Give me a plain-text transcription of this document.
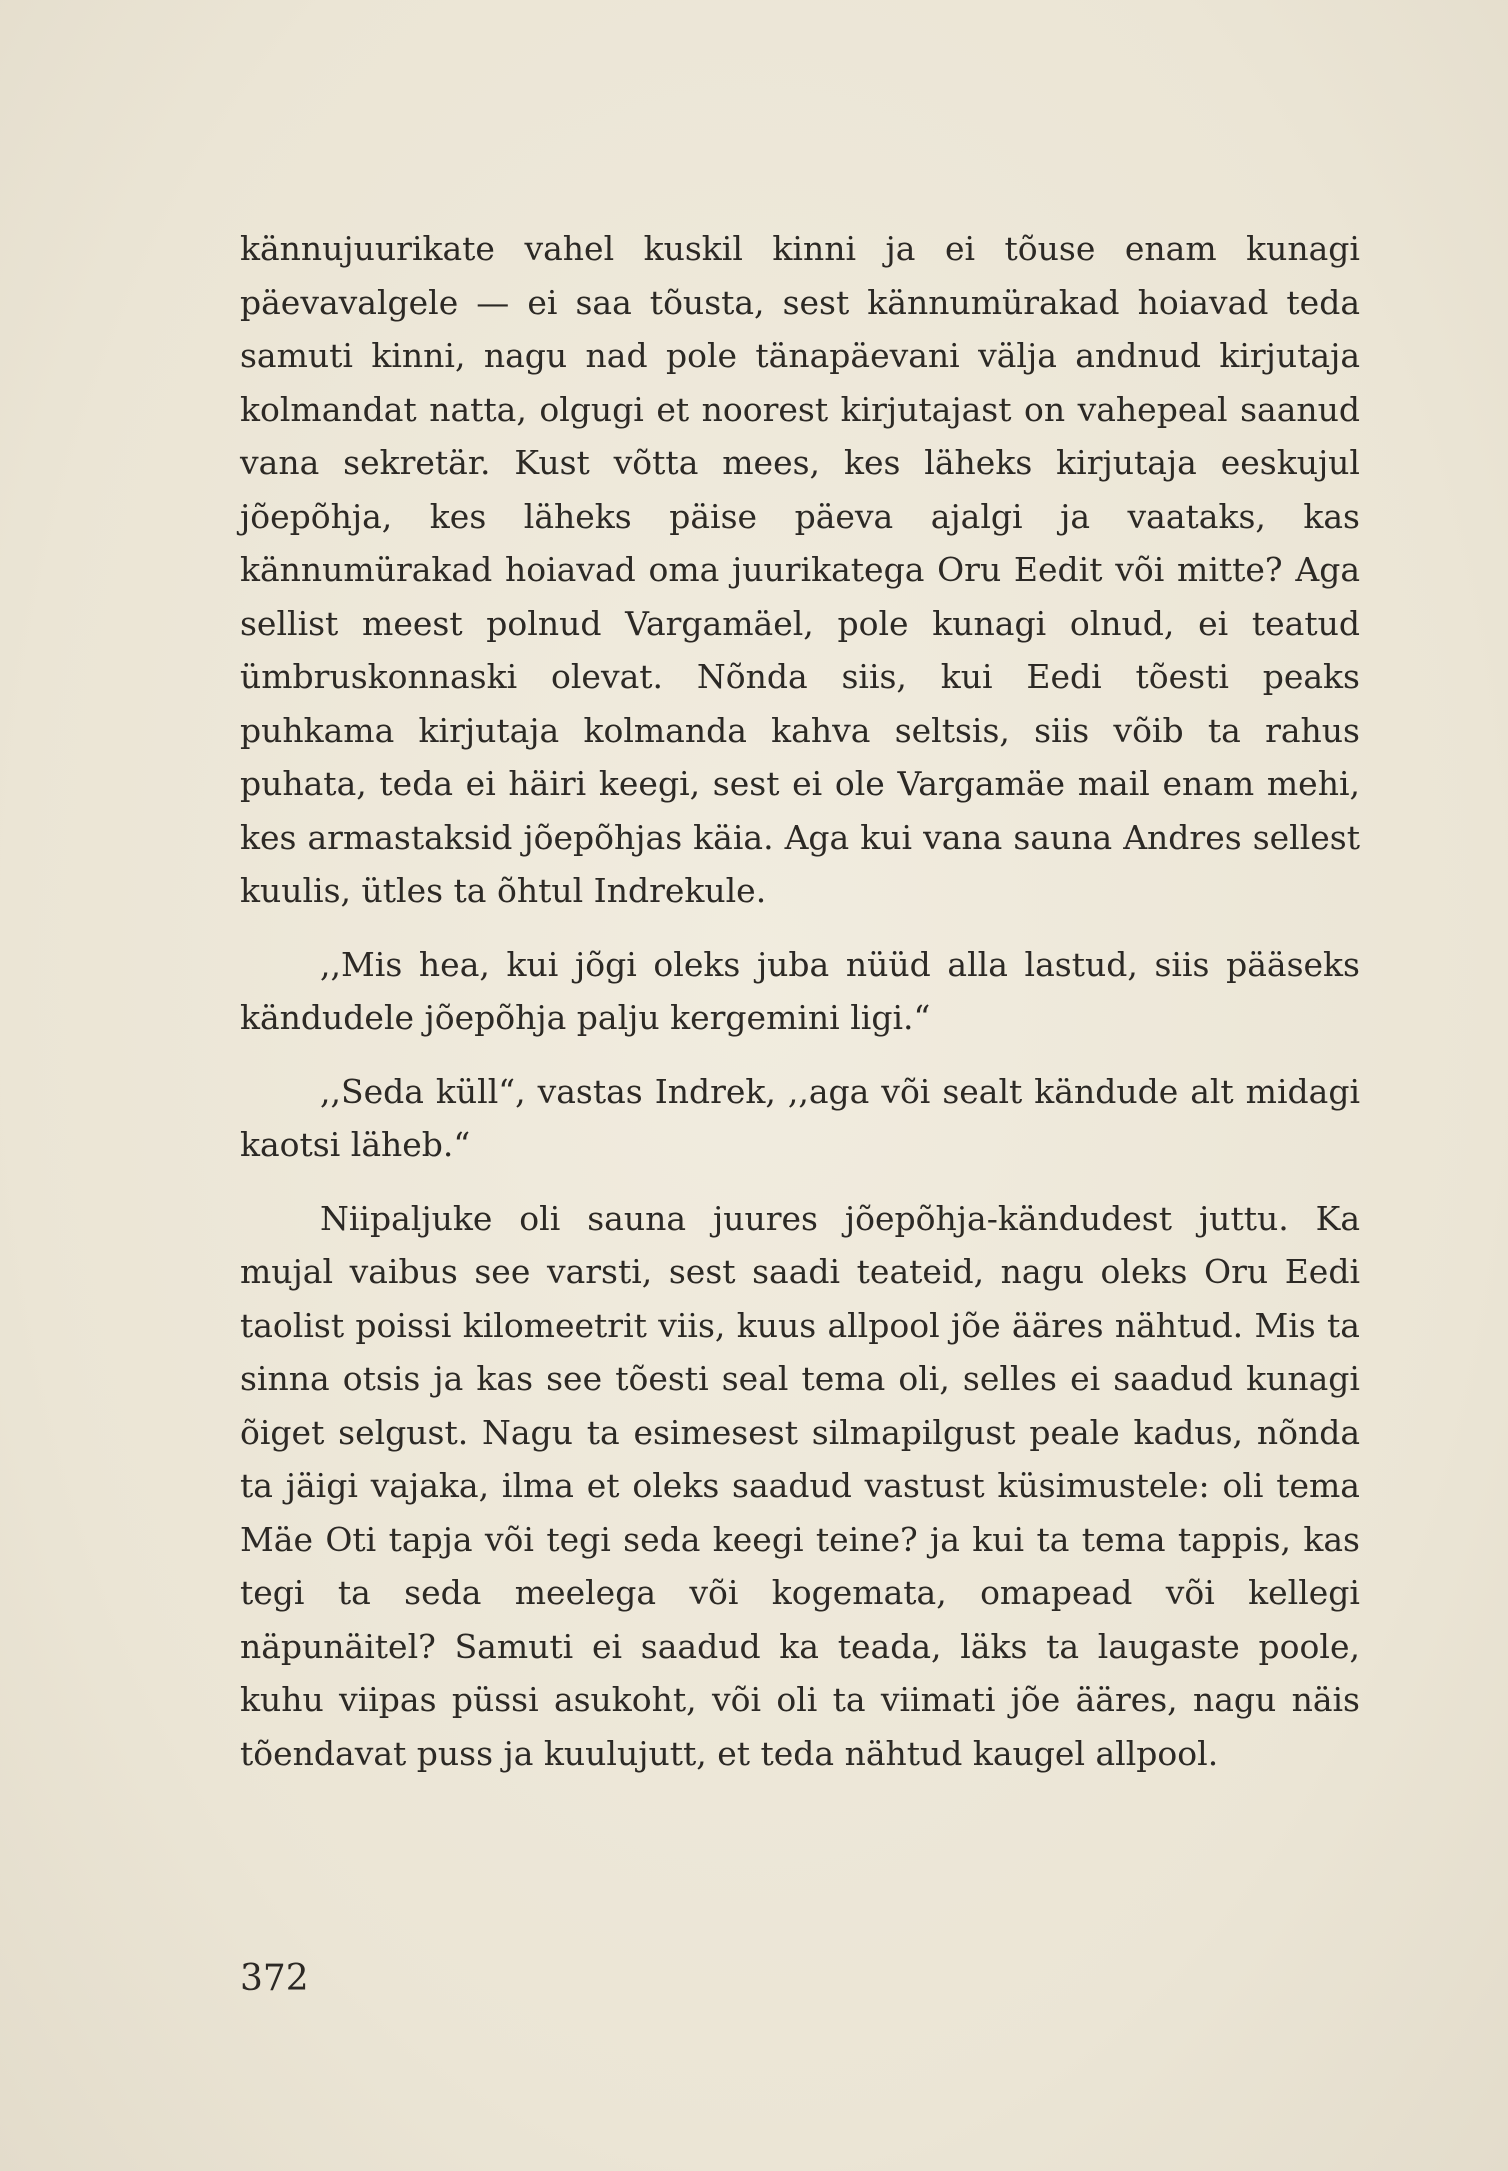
kännujuurikate vahel kuskil kinni ja ei tõuse enam kunagi päevavalgele — ei saa tõusta, sest kännumürakad hoiavad teda samuti kinni, nagu nad pole tänapäevani välja andnud kirjutaja kolmandat natta, olgugi et noorest kirjutajast on vahepeal saanud vana sekretär. Kust võtta mees, kes läheks kirjutaja eeskujul jõepõhja, kes läheks päise päeva ajalgi ja vaataks, kas kännumürakad hoiavad oma juurikatega Oru Eedit või mitte? Aga sellist meest polnud Vargamäel, pole kunagi olnud, ei teatud ümbruskonnaski olevat. Nõnda siis, kui Eedi tõesti peaks puhkama kirjutaja kolmanda kahva seltsis, siis võib ta rahus puhata, teda ei häiri keegi, sest ei ole Vargamäe mail enam mehi, kes armastaksid jõepõhjas käia. Aga kui vana sauna Andres sellest kuulis, ütles ta õhtul Indrekule.

,,Mis hea, kui jõgi oleks juba nüüd alla lastud, siis pääseks kändudele jõepõhja palju kergemini ligi.“

,,Seda küll“, vastas Indrek, ,,aga või sealt kändude alt midagi kaotsi läheb.“

Niipaljuke oli sauna juures jõepõhja-kändudest juttu. Ka mujal vaibus see varsti, sest saadi teateid, nagu oleks Oru Eedi taolist poissi kilomeetrit viis, kuus allpool jõe ääres nähtud. Mis ta sinna otsis ja kas see tõesti seal tema oli, selles ei saadud kunagi õiget selgust. Nagu ta esimesest silmapilgust peale kadus, nõnda ta jäigi vajaka, ilma et oleks saadud vastust küsimustele: oli tema Mäe Oti tapja või tegi seda keegi teine? ja kui ta tema tappis, kas tegi ta seda meelega või kogemata, omapead või kellegi näpunäitel? Samuti ei saadud ka teada, läks ta laugaste poole, kuhu viipas püssi asukoht, või oli ta viimati jõe ääres, nagu näis tõendavat puss ja kuulujutt, et teda nähtud kaugel allpool.

372
